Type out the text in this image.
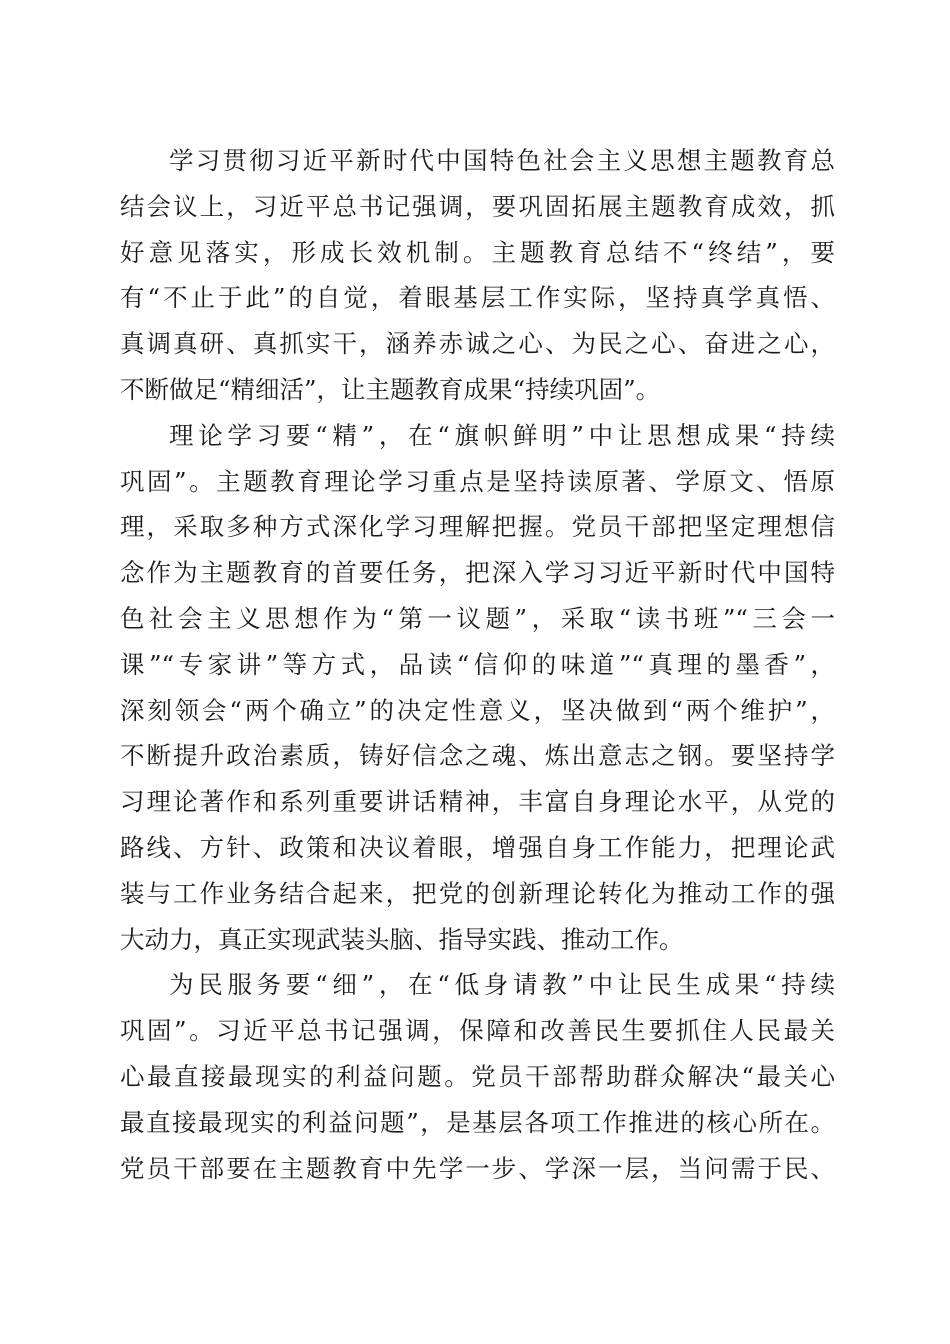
学习贯彻习近平新时代中国特色社会主义思想主题教育总
结会议上，习近平总书记强调，要巩固拓展主题教育成效，抓
好意见落实，形成长效机制。主题教育总结不“终结”，要
有“不止于此”的自觉，着眼基层工作实际，坚持真学真悟、
真调真研、真抓实干，涵养赤诚之心、为民之心、奋进之心，
不断做足“精细活”，让主题教育成果“持续巩固”。
理论学习要“精”，在“旗帜鲜明”中让思想成果“持续
巩固”。主题教育理论学习重点是坚持读原著、学原文、悟原
理，采取多种方式深化学习理解把握。党员干部把坚定理想信
念作为主题教育的首要任务，把深入学习习近平新时代中国特
色社会主义思想作为“第一议题”，采取“读书班”“三会一
课”“专家讲”等方式，品读“信仰的味道”“真理的墨香”，
深刻领会“两个确立”的决定性意义，坚决做到“两个维护”，
不断提升政治素质，铸好信念之魂、炼出意志之钢。要坚持学
习理论著作和系列重要讲话精神，丰富自身理论水平，从党的
路线、方针、政策和决议着眼，增强自身工作能力，把理论武
装与工作业务结合起来，把党的创新理论转化为推动工作的强
大动力，真正实现武装头脑、指导实践、推动工作。
为民服务要“细”，在“低身请教”中让民生成果“持续
巩固”。习近平总书记强调，保障和改善民生要抓住人民最关
心最直接最现实的利益问题。党员干部帮助群众解决“最关心
最直接最现实的利益问题”，是基层各项工作推进的核心所在。
党员干部要在主题教育中先学一步、学深一层，当问需于民、
